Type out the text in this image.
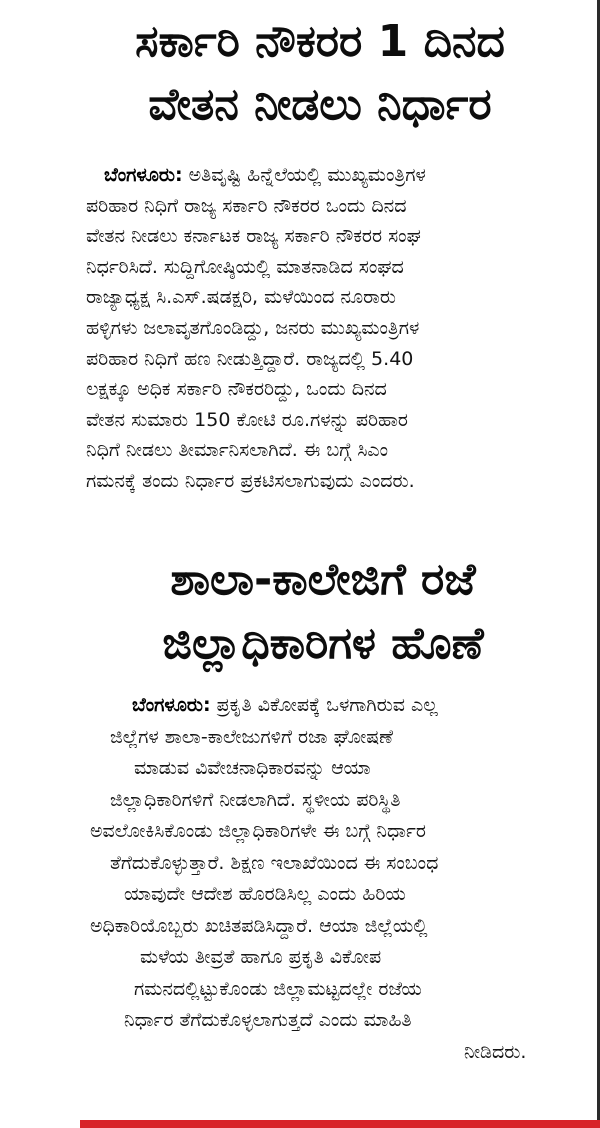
ಸರ್ಕಾರಿ ನೌಕರರ 1 ದಿನದ
ವೇತನ ನೀಡಲು ನಿರ್ಧಾರ
ಬೆಂಗಳೂರು: ಅತಿವೃಷ್ಟಿ ಹಿನ್ನೆಲೆಯಲ್ಲಿ ಮುಖ್ಯಮಂತ್ರಿಗಳ
ಪರಿಹಾರ ನಿಧಿಗೆ ರಾಜ್ಯ ಸರ್ಕಾರಿ ನೌಕರರ ಒಂದು ದಿನದ
ವೇತನ ನೀಡಲು ಕರ್ನಾಟಕ ರಾಜ್ಯ ಸರ್ಕಾರಿ ನೌಕರರ ಸಂಘ
ನಿರ್ಧರಿಸಿದೆ. ಸುದ್ದಿಗೋಷ್ಠಿಯಲ್ಲಿ ಮಾತನಾಡಿದ ಸಂಘದ
ರಾಜ್ಯಾಧ್ಯಕ್ಷ ಸಿ.ಎಸ್.ಷಡಕ್ಷರಿ, ಮಳೆಯಿಂದ ನೂರಾರು
ಹಳ್ಳಿಗಳು ಜಲಾವೃತಗೊಂಡಿದ್ದು, ಜನರು ಮುಖ್ಯಮಂತ್ರಿಗಳ
ಪರಿಹಾರ ನಿಧಿಗೆ ಹಣ ನೀಡುತ್ತಿದ್ದಾರೆ. ರಾಜ್ಯದಲ್ಲಿ 5.40
ಲಕ್ಷಕ್ಕೂ ಅಧಿಕ ಸರ್ಕಾರಿ ನೌಕರರಿದ್ದು, ಒಂದು ದಿನದ
ವೇತನ ಸುಮಾರು 150 ಕೋಟಿ ರೂ.ಗಳನ್ನು ಪರಿಹಾರ
ನಿಧಿಗೆ ನೀಡಲು ತೀರ್ಮಾನಿಸಲಾಗಿದೆ. ಈ ಬಗ್ಗೆ ಸಿಎಂ
ಗಮನಕ್ಕೆ ತಂದು ನಿರ್ಧಾರ ಪ್ರಕಟಿಸಲಾಗುವುದು ಎಂದರು.
ಶಾಲಾ-ಕಾಲೇಜಿಗೆ ರಜೆ
ಜಿಲ್ಲಾಧಿಕಾರಿಗಳ ಹೊಣೆ
ಬೆಂಗಳೂರು: ಪ್ರಕೃತಿ ವಿಕೋಪಕ್ಕೆ ಒಳಗಾಗಿರುವ ಎಲ್ಲ
ಜಿಲ್ಲೆಗಳ ಶಾಲಾ-ಕಾಲೇಜುಗಳಿಗೆ ರಜಾ ಘೋಷಣೆ
ಮಾಡುವ ವಿವೇಚನಾಧಿಕಾರವನ್ನು ಆಯಾ
ಜಿಲ್ಲಾಧಿಕಾರಿಗಳಿಗೆ ನೀಡಲಾಗಿದೆ. ಸ್ಥಳೀಯ ಪರಿಸ್ಥಿತಿ
ಅವಲೋಕಿಸಿಕೊಂಡು ಜಿಲ್ಲಾಧಿಕಾರಿಗಳೇ ಈ ಬಗ್ಗೆ ನಿರ್ಧಾರ
ತೆಗೆದುಕೊಳ್ಳುತ್ತಾರೆ. ಶಿಕ್ಷಣ ಇಲಾಖೆಯಿಂದ ಈ ಸಂಬಂಧ
ಯಾವುದೇ ಆದೇಶ ಹೊರಡಿಸಿಲ್ಲ ಎಂದು ಹಿರಿಯ
ಅಧಿಕಾರಿಯೊಬ್ಬರು ಖಚಿತಪಡಿಸಿದ್ದಾರೆ. ಆಯಾ ಜಿಲ್ಲೆಯಲ್ಲಿ
ಮಳೆಯ ತೀವ್ರತೆ ಹಾಗೂ ಪ್ರಕೃತಿ ವಿಕೋಪ
ಗಮನದಲ್ಲಿಟ್ಟುಕೊಂಡು ಜಿಲ್ಲಾಮಟ್ಟದಲ್ಲೇ ರಜೆಯ
ನಿರ್ಧಾರ ತೆಗೆದುಕೊಳ್ಳಲಾಗುತ್ತದೆ ಎಂದು ಮಾಹಿತಿ
ನೀಡಿದರು.
